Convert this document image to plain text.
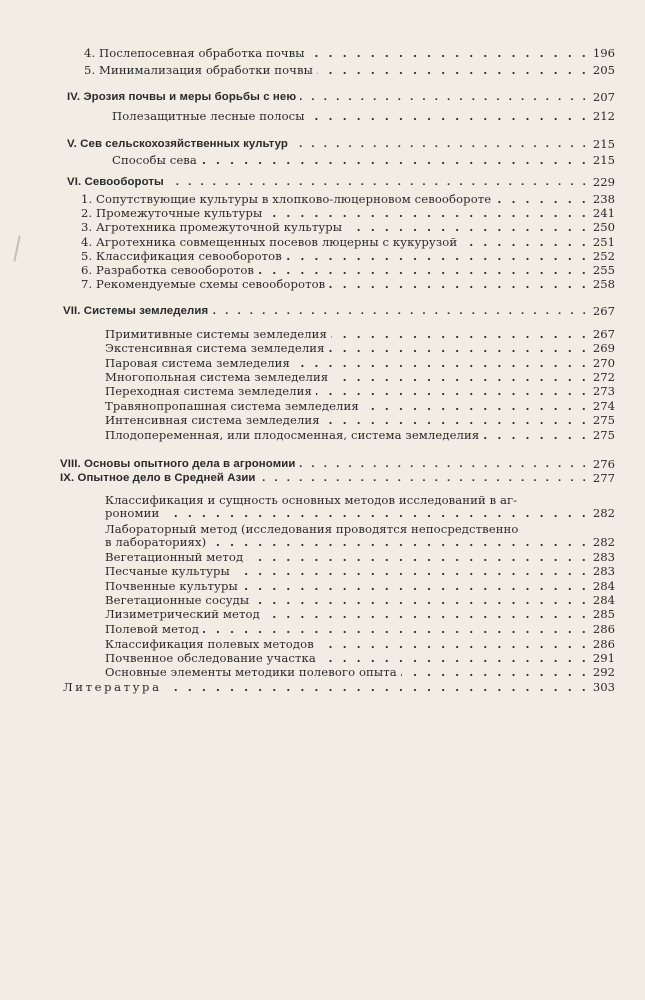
4. Послепосевная обработка почвы . . .	196
5. Минимализация обработки почвы . . .	205
IV. Эрозия почвы и меры борьбы с нею . . .	207
Полезащитные лесные полосы . . .	212
V. Сев сельскохозяйственных культур . . .	215
Способы сева . . .	215
VI. Севообороты . . .	229
1. Сопутствующие культуры в хлопково-люцерновом севообороте . . .	238
2. Промежуточные культуры . . .	241
3. Агротехника промежуточной культуры . . .	250
4. Агротехника совмещенных посевов люцерны с кукурузой . . .	251
5. Классификация севооборотов . . .	252
6. Разработка севооборотов . . .	255
7. Рекомендуемые схемы севооборотов . . .	258
VII. Системы земледелия . . .	267
Примитивные системы земледелия . . .	267
Экстенсивная система земледелия . . .	269
Паровая система земледелия . . .	270
Многопольная система земледелия . . .	272
Переходная система земледелия . . .	273
Травянопропашная система земледелия . . .	274
Интенсивная система земледелия . . .	275
Плодопеременная, или плодосменная, система земледелия . . .	275
VIII. Основы опытного дела в агрономии . . .	276
IX. Опытное дело в Средней Азии . . .	277
Классификация и сущность основных методов исследований в аг-
рономии . . .	282
Лабораторный метод (исследования проводятся непосредственно
в лабораториях) . . .	282
Вегетационный метод . . .	283
Песчаные культуры . . .	283
Почвенные культуры . . .	284
Вегетационные сосуды . . .	284
Лизиметрический метод . . .	285
Полевой метод . . .	286
Классификация полевых методов . . .	286
Почвенное обследование участка . . .	291
Основные элементы методики полевого опыта . . .	292
Литература . . .	303
